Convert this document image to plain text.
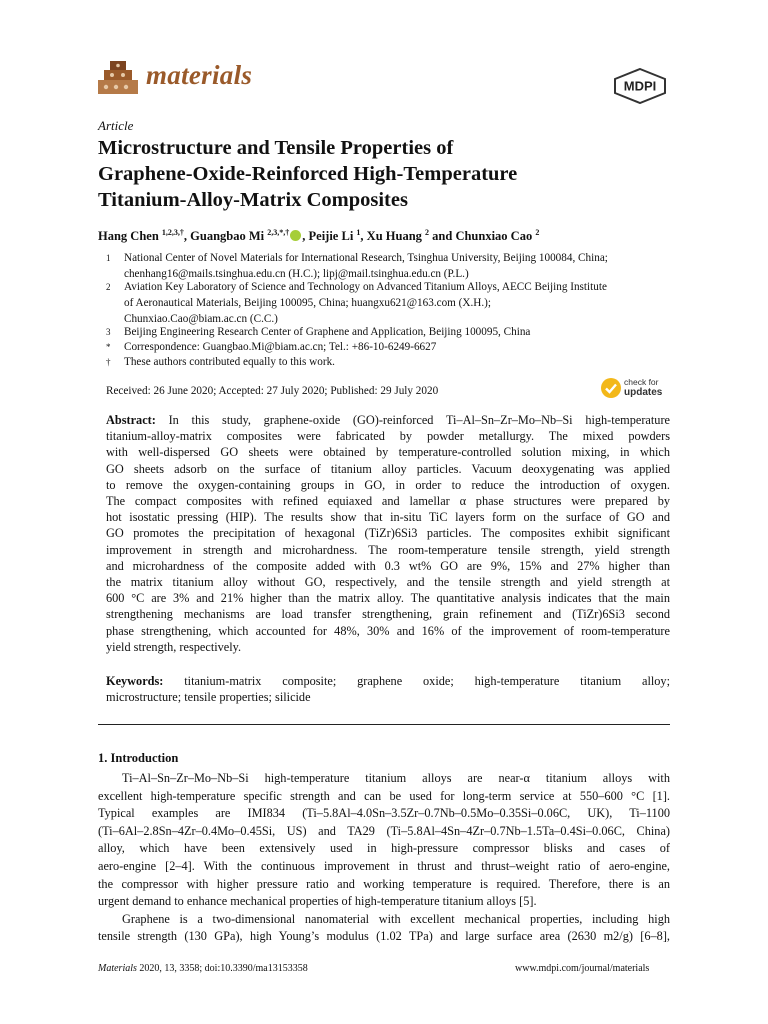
materials	MDPI
Article
Microstructure and Tensile Properties of
Graphene-Oxide-Reinforced High-Temperature
Titanium-Alloy-Matrix Composites
Hang Chen $^{1,2,3,\dagger}$, Guangbao Mi $^{2,3,*,\dagger}$ , Peijie Li $^1$, Xu Huang $^2$ and Chunxiao Cao $^2$
1 National Center of Novel Materials for International Research, Tsinghua University, Beijing 100084, China;
chenhang16@mails.tsinghua.edu.cn (H.C.); lipj@mail.tsinghua.edu.cn (P.L.)
2 Aviation Key Laboratory of Science and Technology on Advanced Titanium Alloys, AECC Beijing Institute
of Aeronautical Materials, Beijing 100095, China; huangxu621@163.com (X.H.);
Chunxiao.Cao@biam.ac.cn (C.C.)
3 Beijing Engineering Research Center of Graphene and Application, Beijing 100095, China
* Correspondence: Guangbao.Mi@biam.ac.cn; Tel.: +86-10-6249-6627
† These authors contributed equally to this work.
Received: 26 June 2020; Accepted: 27 July 2020; Published: 29 July 2020
check for
updates
Abstract: In this study, graphene-oxide (GO)-reinforced Ti–Al–Sn–Zr–Mo–Nb–Si high-temperature
titanium-alloy-matrix composites were fabricated by powder metallurgy. The mixed powders
with well-dispersed GO sheets were obtained by temperature-controlled solution mixing, in which
GO sheets adsorb on the surface of titanium alloy particles. Vacuum deoxygenating was applied
to remove the oxygen-containing groups in GO, in order to reduce the introduction of oxygen.
The compact composites with refined equiaxed and lamellar α phase structures were prepared by
hot isostatic pressing (HIP). The results show that in-situ TiC layers form on the surface of GO and
GO promotes the precipitation of hexagonal (TiZr)6Si3 particles. The composites exhibit significant
improvement in strength and microhardness. The room-temperature tensile strength, yield strength
and microhardness of the composite added with 0.3 wt% GO are 9%, 15% and 27% higher than
the matrix titanium alloy without GO, respectively, and the tensile strength and yield strength at
600 °C are 3% and 21% higher than the matrix alloy. The quantitative analysis indicates that the main
strengthening mechanisms are load transfer strengthening, grain refinement and (TiZr)6Si3 second
phase strengthening, which accounted for 48%, 30% and 16% of the improvement of room-temperature
yield strength, respectively.
Keywords: titanium-matrix composite; graphene oxide; high-temperature titanium alloy;
microstructure; tensile properties; silicide
1. Introduction
Ti–Al–Sn–Zr–Mo–Nb–Si high-temperature titanium alloys are near-α titanium alloys with
excellent high-temperature specific strength and can be used for long-term service at 550–600 °C [1].
Typical examples are IMI834 (Ti–5.8Al–4.0Sn–3.5Zr–0.7Nb–0.5Mo–0.35Si–0.06C, UK), Ti–1100
(Ti–6Al–2.8Sn–4Zr–0.4Mo–0.45Si, US) and TA29 (Ti–5.8Al–4Sn–4Zr–0.7Nb–1.5Ta–0.4Si–0.06C, China)
alloy, which have been extensively used in high-pressure compressor blisks and cases of
aero-engine [2–4]. With the continuous improvement in thrust and thrust–weight ratio of aero-engine,
the compressor with higher pressure ratio and working temperature is required. Therefore, there is an
urgent demand to enhance mechanical properties of high-temperature titanium alloys [5].
Graphene is a two-dimensional nanomaterial with excellent mechanical properties, including high
tensile strength (130 GPa), high Young’s modulus (1.02 TPa) and large surface area (2630 m2/g) [6–8],
Materials 2020, 13, 3358; doi:10.3390/ma13153358	www.mdpi.com/journal/materials
